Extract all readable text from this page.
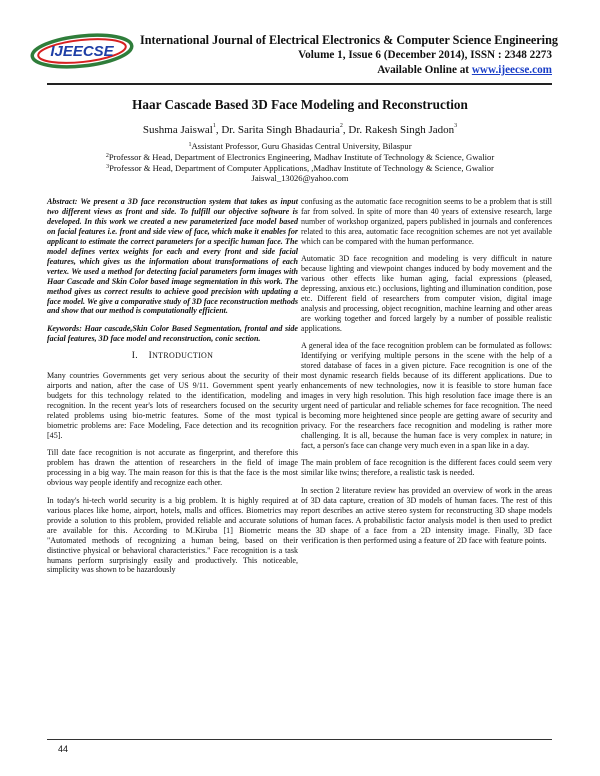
IJEECSE
International Journal of Electrical Electronics & Computer Science Engineering
Volume 1, Issue 6 (December 2014), ISSN : 2348 2273
Available Online at www.ijeecse.com
Haar Cascade Based 3D Face Modeling and Reconstruction
Sushma Jaiswal$^1$, Dr. Sarita Singh Bhadauria$^2$, Dr. Rakesh Singh Jadon$^3$
$^1$Assistant Professor, Guru Ghasidas Central University, Bilaspur
$^2$Professor & Head, Department of Electronics Engineering, Madhav Institute of Technology & Science, Gwalior
$^3$Professor & Head, Department of Computer Applications, ,Madhav Institute of Technology & Science, Gwalior
Jaiswal_13026@yahoo.com

Abstract: We present a 3D face reconstruction system that takes as input two different views as front and side. To fulfill our objective software is developed. In this work we created a new parameterized face model based on facial features i.e. front and side view of face, which make it enables for applicant to estimate the correct parameters for a specific human face. The model defines vertex weights for each and every front and side facial features, which gives us the information about transformations of each vertex. We used a method for detecting facial parameters form images with Haar Cascade and Skin Color based image segmentation in this work. The method gives us correct results to achieve good precision with updating a face model. We give a comparative study of 3D face reconstruction methods and show that our method is computationally efficient.

Keywords: Haar cascade,Skin Color Based Segmentation, frontal and side facial features, 3D face model and reconstruction, conic section.

I. INTRODUCTION

Many countries Governments get very serious about the security of their airports and nation, after the case of US 9/11. Government spent yearly budgets for this technology related to the identification, modeling and recognition. In the recent year's lots of researchers focused on the security related problems using bio-metric features. Some of the most typical biometric problems are: Face Modeling, Face detection and its recognition [45].

Till date face recognition is not accurate as fingerprint, and therefore this problem has drawn the attention of researchers in the field of image processing in a big way. The main reason for this is that the face is the most obvious way people identify and recognize each other.

In today's hi-tech world security is a big problem. It is highly required at various places like home, airport, hotels, malls and offices. Biometrics may provide a solution to this problem, provided reliable and accurate solutions are available for this. According to M.Kiruba [1] Biometric means "Automated methods of recognizing a human being, based on their distinctive physical or behavioral characteristics." Face recognition is a task humans perform surprisingly easily and productively. This noticeable, simplicity was shown to be hazardously

confusing as the automatic face recognition seems to be a problem that is still far from solved. In spite of more than 40 years of extensive research, large number of workshop organized, papers published in journals and conferences related to this area, automatic face recognition schemes are not yet available which can be compared with the human performance.

Automatic 3D face recognition and modeling is very difficult in nature because lighting and viewpoint changes induced by body movement and the various other effects like human aging, facial expressions (pleased, depressing, anxious etc.) occlusions, lighting and illumination condition, pose etc. Different field of researchers from computer vision, digital image analysis and processing, object recognition, machine learning and other areas are working together and forced largely by a number of possible realistic applications.

A general idea of the face recognition problem can be formulated as follows: Identifying or verifying multiple persons in the scene with the help of a stored database of faces in a given picture. Face recognition is one of the most dynamic research fields because of its different applications. Due to enhancements of new technologies, now it is feasible to store human face images in very high resolution. This high resolution face image there is an urgent need of particular and reliable schemes for face recognition. The need is becoming more heightened since people are getting aware of security and privacy. For the researchers face recognition and modeling is rather more challenging. It is all, because the human face is very complex in nature; in fact, a person's face can change very much even in a span like in a day.

The main problem of face recognition is the different faces could seem very similar like twins; therefore, a realistic task is needed.

In section 2 literature review has provided an overview of work in the areas of 3D data capture, creation of 3D models of human faces. The rest of this report describes an active stereo system for reconstructing 3D shape models of human faces. A probabilistic factor analysis model is then used to predict the 3D shape of a face from a 2D intensity image. Finally, 3D face verification is then performed using a feature of 2D face with feature points.

44
